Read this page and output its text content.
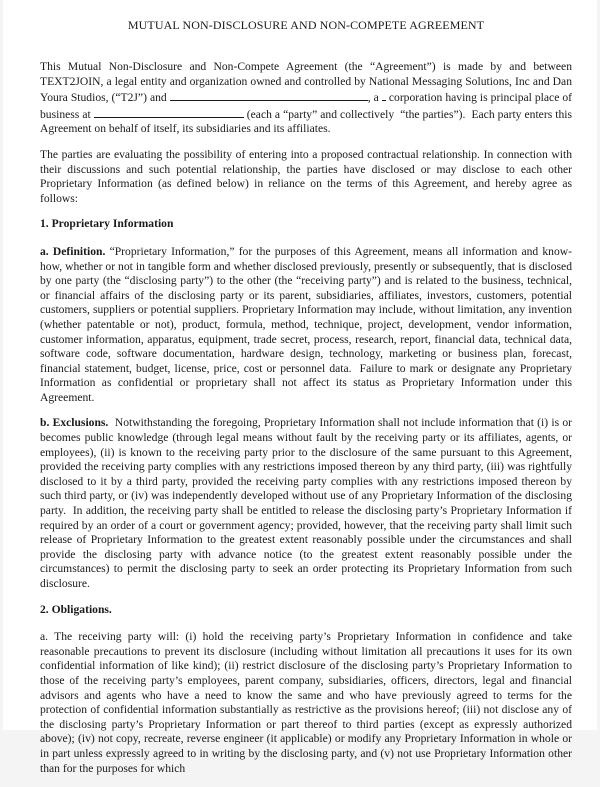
MUTUAL NON-DISCLOSURE AND NON-COMPETE AGREEMENT

This Mutual Non-Disclosure and Non-Compete Agreement (the “Agreement”) is made by and between TEXT2JOIN, a legal entity and organization owned and controlled by National Messaging Solutions, Inc and Dan Youra Studios, (“T2J”) and	, a corporation having is principal place of business at	(each a “party” and collectively  “the parties”).  Each party enters this Agreement on behalf of itself, its subsidiaries and its affiliates.

The parties are evaluating the possibility of entering into a proposed contractual relationship. In connection with their discussions and such potential relationship, the parties have disclosed or may disclose to each other Proprietary Information (as defined below) in reliance on the terms of this Agreement, and hereby agree as follows:

1. Proprietary Information

a. Definition. “Proprietary Information,” for the purposes of this Agreement, means all information and know-how, whether or not in tangible form and whether disclosed previously, presently or subsequently, that is disclosed by one party (the “disclosing party”) to the other (the “receiving party”) and is related to the business, technical, or financial affairs of the disclosing party or its parent, subsidiaries, affiliates, investors, customers, potential customers, suppliers or potential suppliers. Proprietary Information may include, without limitation, any invention (whether patentable or not), product, formula, method, technique, project, development, vendor information, customer information, apparatus, equipment, trade secret, process, research, report, financial data, technical data, software code, software documentation, hardware design, technology, marketing or business plan, forecast, financial statement, budget, license, price, cost or personnel data.  Failure to mark or designate any Proprietary Information as confidential or proprietary shall not affect its status as Proprietary Information under this Agreement.

b. Exclusions.  Notwithstanding the foregoing, Proprietary Information shall not include information that (i) is or becomes public knowledge (through legal means without fault by the receiving party or its affiliates, agents, or employees), (ii) is known to the receiving party prior to the disclosure of the same pursuant to this Agreement, provided the receiving party complies with any restrictions imposed thereon by any third party, (iii) was rightfully disclosed to it by a third party, provided the receiving party complies with any restrictions imposed thereon by such third party, or (iv) was independently developed without use of any Proprietary Information of the disclosing party.  In addition, the receiving party shall be entitled to release the disclosing party’s Proprietary Information if required by an order of a court or government agency; provided, however, that the receiving party shall limit such release of Proprietary Information to the greatest extent reasonably possible under the circumstances and shall provide the disclosing party with advance notice (to the greatest extent reasonably possible under the circumstances) to permit the disclosing party to seek an order protecting its Proprietary Information from such disclosure.

2. Obligations.

a. The receiving party will: (i) hold the receiving party’s Proprietary Information in confidence and take reasonable precautions to prevent its disclosure (including without limitation all precautions it uses for its own confidential information of like kind); (ii) restrict disclosure of the disclosing party’s Proprietary Information to those of the receiving party’s employees, parent company, subsidiaries, officers, directors, legal and financial advisors and agents who have a need to know the same and who have previously agreed to terms for the protection of confidential information substantially as restrictive as the provisions hereof; (iii) not disclose any of the disclosing party’s Proprietary Information or part thereof to third parties (except as expressly authorized above); (iv) not copy, recreate, reverse engineer (it applicable) or modify any Proprietary Information in whole or in part unless expressly agreed to in writing by the disclosing party, and (v) not use Proprietary Information other than for the purposes for which
